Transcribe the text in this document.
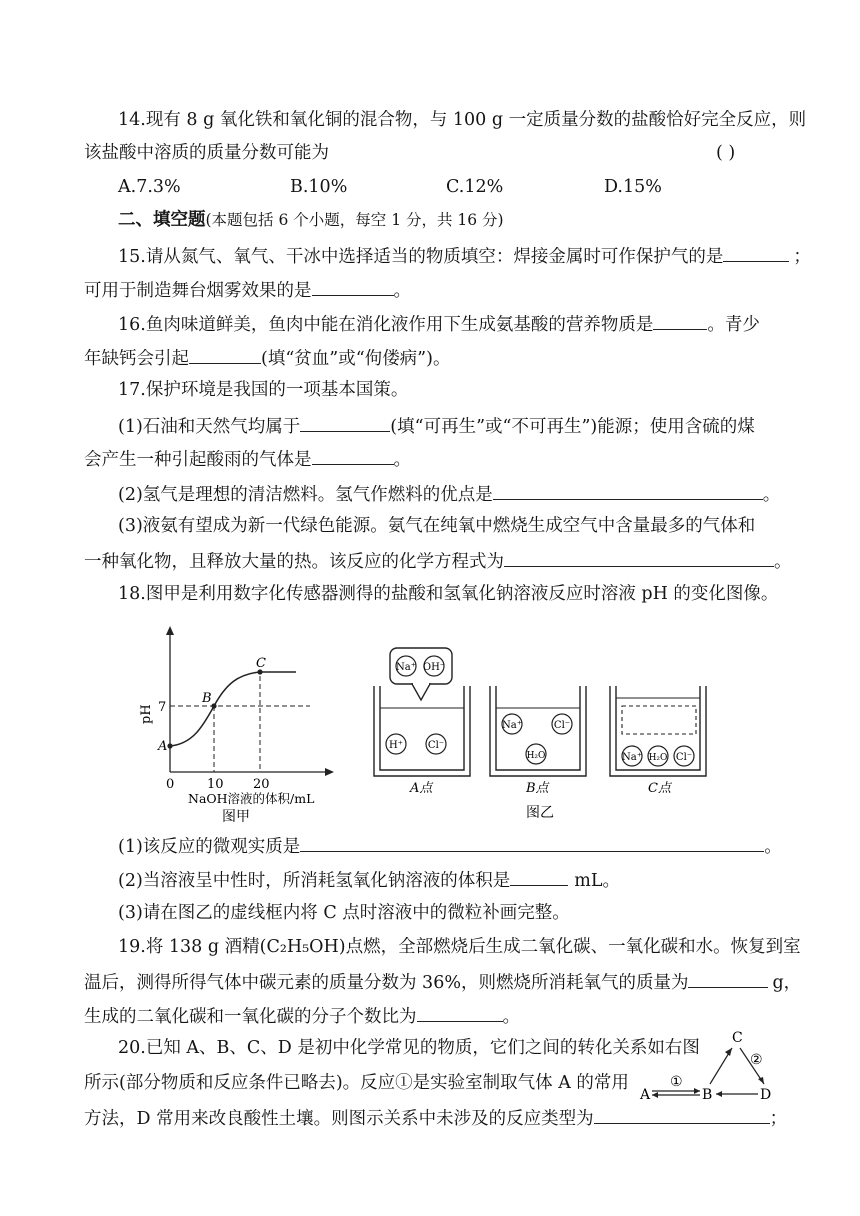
14.现有 8 g 氧化铁和氧化铜的混合物，与 100 g 一定质量分数的盐酸恰好完全反应，则
该盐酸中溶质的质量分数可能为	( )
A.7.3%	B.10%	C.12%	D.15%
二、填空题(本题包括 6 个小题，每空 1 分，共 16 分)
15.请从氮气、氧气、干冰中选择适当的物质填空：焊接金属时可作保护气的是	；
可用于制造舞台烟雾效果的是	。
16.鱼肉味道鲜美，鱼肉中能在消化液作用下生成氨基酸的营养物质是	。青少
年缺钙会引起	(填“贫血”或“佝偻病”)。
17.保护环境是我国的一项基本国策。
(1)石油和天然气均属于	(填“可再生”或“不可再生”)能源；使用含硫的煤
会产生一种引起酸雨的气体是	。
(2)氢气是理想的清洁燃料。氢气作燃料的优点是	。
(3)液氨有望成为新一代绿色能源。氨气在纯氧中燃烧生成空气中含量最多的气体和
一种氧化物，且释放大量的热。该反应的化学方程式为	。
18.图甲是利用数字化传感器测得的盐酸和氢氧化钠溶液反应时溶液 pH 的变化图像。
A
B
C
7
0	10 20
pH
NaOH溶液的体积/mL
图甲
Na⁺ OH⁻
H⁺ Cl⁻
A点
Na⁺	Cl⁻
H₂O
B点
Na⁺ H₂O Cl⁻
C点
图乙
(1)该反应的微观实质是	。
(2)当溶液呈中性时，所消耗氢氧化钠溶液的体积是	mL。
(3)请在图乙的虚线框内将 C 点时溶液中的微粒补画完整。
19.将 138 g 酒精(C₂H₅OH)点燃，全部燃烧后生成二氧化碳、一氧化碳和水。恢复到室
温后，测得所得气体中碳元素的质量分数为 36%，则燃烧所消耗氧气的质量为	g，
生成的二氧化碳和一氧化碳的分子个数比为	。
20.已知 A、B、C、D 是初中化学常见的物质，它们之间的转化关系如右图
所示(部分物质和反应条件已略去)。反应①是实验室制取气体 A 的常用
方法，D 常用来改良酸性土壤。则图示关系中未涉及的反应类型为	；
C
A	B	D
①
②
